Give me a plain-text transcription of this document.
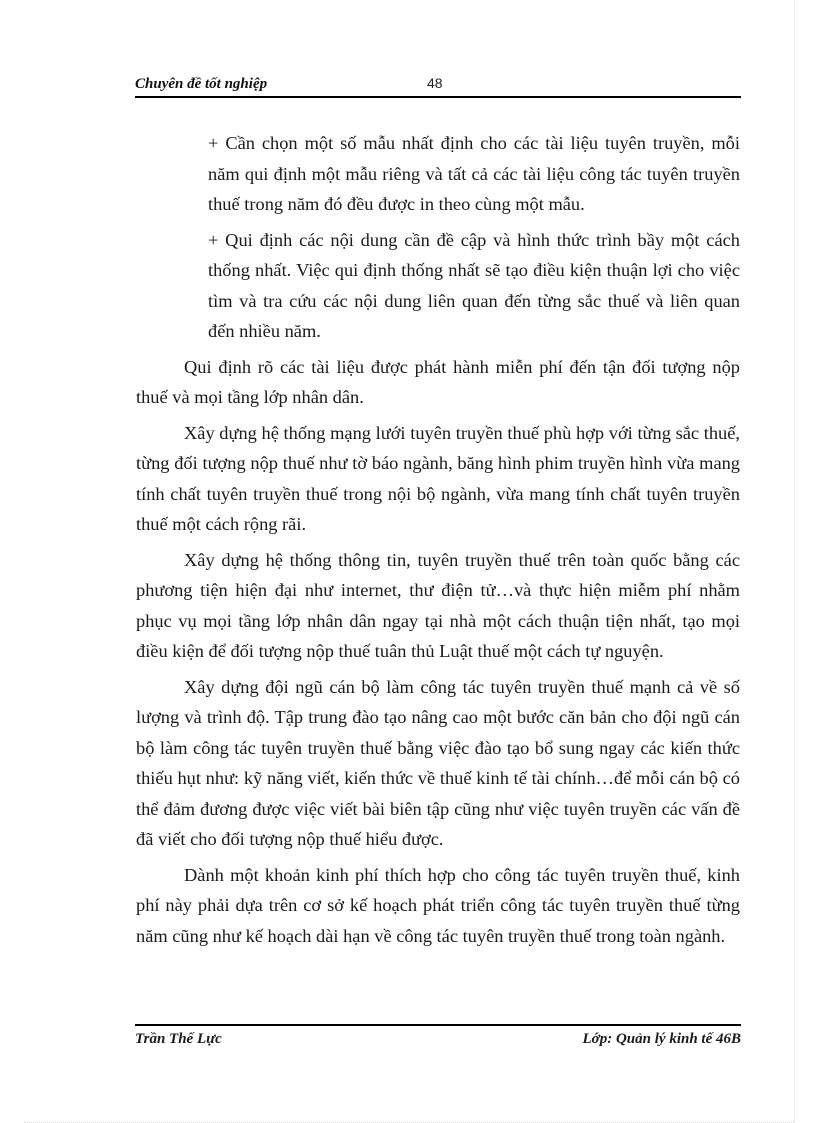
Chuyên đề tốt nghiệp	48

+ Cần chọn một số mẫu nhất định cho các tài liệu tuyên truyền, mỗi năm qui định một mẫu riêng và tất cả các tài liệu công tác tuyên truyền thuế trong năm đó đều được in theo cùng một mẫu.

+ Qui định các nội dung cần đề cập và hình thức trình bầy một cách thống nhất. Việc qui định thống nhất sẽ tạo điều kiện thuận lợi cho việc tìm và tra cứu các nội dung liên quan đến từng sắc thuế và liên quan đến nhiều năm.

Qui định rõ các tài liệu được phát hành miễn phí đến tận đối tượng nộp thuế và mọi tầng lớp nhân dân.

Xây dựng hệ thống mạng lưới tuyên truyền thuế phù hợp với từng sắc thuế, từng đối tượng nộp thuế như tờ báo ngành, băng hình phim truyền hình vừa mang tính chất tuyên truyền thuế trong nội bộ ngành, vừa mang tính chất tuyên truyền thuế một cách rộng rãi.

Xây dựng hệ thống thông tin, tuyên truyền thuế trên toàn quốc bằng các phương tiện hiện đại như internet, thư điện tử…và thực hiện miễm phí nhằm phục vụ mọi tầng lớp nhân dân ngay tại nhà một cách thuận tiện nhất, tạo mọi điều kiện để đối tượng nộp thuế tuân thủ Luật thuế một cách tự nguyện.

Xây dựng đội ngũ cán bộ làm công tác tuyên truyền thuế mạnh cả về số lượng và trình độ. Tập trung đào tạo nâng cao một bước căn bản cho đội ngũ cán bộ làm công tác tuyên truyền thuế bằng việc đào tạo bổ sung ngay các kiến thức thiếu hụt như: kỹ năng viết, kiến thức về thuế kinh tế tài chính…để mỗi cán bộ có thể đảm đương được việc viết bài biên tập cũng như việc tuyên truyền các vấn đề đã viết cho đối tượng nộp thuế hiểu được.

Dành một khoản kinh phí thích hợp cho công tác tuyên truyền thuế, kinh phí này phải dựa trên cơ sở kế hoạch phát triển công tác tuyên truyền thuế từng năm cũng như kế hoạch dài hạn về công tác tuyên truyền thuế trong toàn ngành.

Trần Thế Lực	Lớp: Quản lý kinh tế 46B
